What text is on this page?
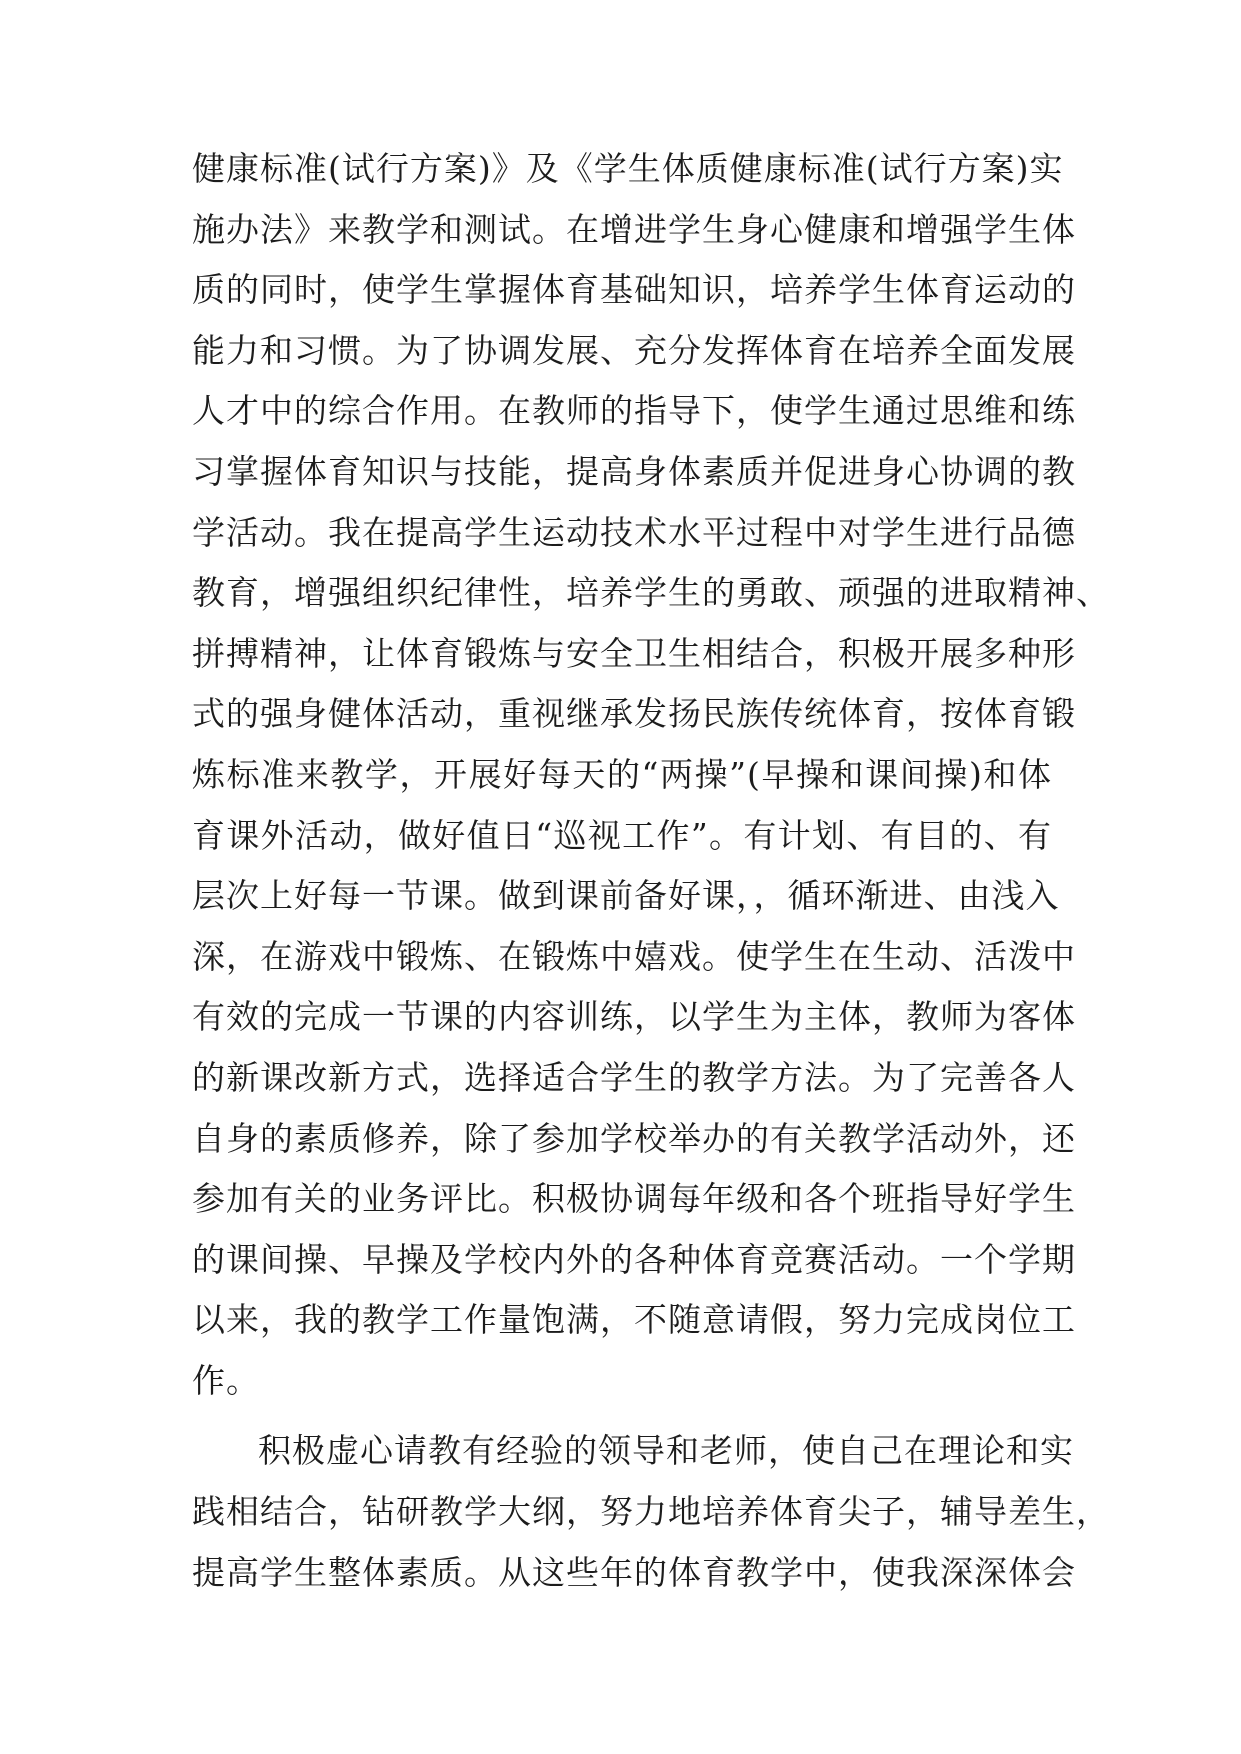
健康标准(试行方案)》及《学生体质健康标准(试行方案)实
施办法》来教学和测试。在增进学生身心健康和增强学生体
质的同时，使学生掌握体育基础知识，培养学生体育运动的
能力和习惯。为了协调发展、充分发挥体育在培养全面发展
人才中的综合作用。在教师的指导下，使学生通过思维和练
习掌握体育知识与技能，提高身体素质并促进身心协调的教
学活动。我在提高学生运动技术水平过程中对学生进行品德
教育，增强组织纪律性，培养学生的勇敢、顽强的进取精神、
拼搏精神，让体育锻炼与安全卫生相结合，积极开展多种形
式的强身健体活动，重视继承发扬民族传统体育，按体育锻
炼标准来教学，开展好每天的“两操”(早操和课间操)和体
育课外活动，做好值日“巡视工作”。有计划、有目的、有
层次上好每一节课。做到课前备好课，，循环渐进、由浅入
深，在游戏中锻炼、在锻炼中嬉戏。使学生在生动、活泼中
有效的完成一节课的内容训练，以学生为主体，教师为客体
的新课改新方式，选择适合学生的教学方法。为了完善各人
自身的素质修养，除了参加学校举办的有关教学活动外，还
参加有关的业务评比。积极协调每年级和各个班指导好学生
的课间操、早操及学校内外的各种体育竞赛活动。一个学期
以来，我的教学工作量饱满，不随意请假，努力完成岗位工
作。
积极虚心请教有经验的领导和老师，使自己在理论和实
践相结合，钻研教学大纲，努力地培养体育尖子，辅导差生，
提高学生整体素质。从这些年的体育教学中，使我深深体会
